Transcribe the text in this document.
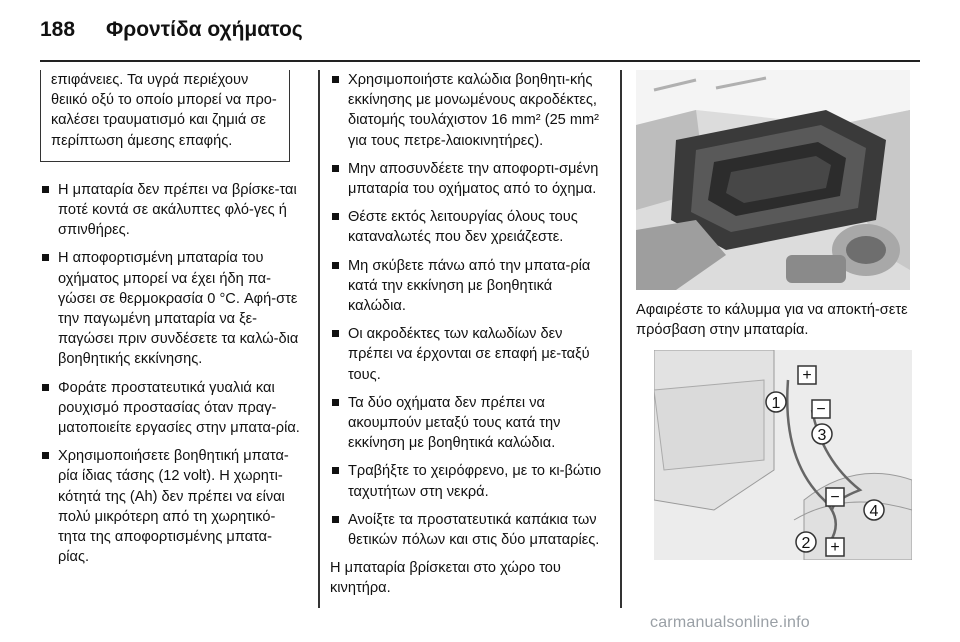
188 Φροντίδα οχήματος

επιφάνειες. Τα υγρά περιέχουν θειικό οξύ το οποίο μπορεί να προ-καλέσει τραυματισμό και ζημιά σε περίπτωση άμεσης επαφής.

Η μπαταρία δεν πρέπει να βρίσκε-ται ποτέ κοντά σε ακάλυπτες φλό-γες ή σπινθήρες.
Η αποφορτισμένη μπαταρία του οχήματος μπορεί να έχει ήδη πα-γώσει σε θερμοκρασία 0 °C. Αφή-στε την παγωμένη μπαταρία να ξε-παγώσει πριν συνδέσετε τα καλώ-δια βοηθητικής εκκίνησης.
Φοράτε προστατευτικά γυαλιά και ρουχισμό προστασίας όταν πραγ-ματοποιείτε εργασίες στην μπατα-ρία.
Χρησιμοποιήσετε βοηθητική μπατα-ρία ίδιας τάσης (12 volt). Η χωρητι-κότητά της (Ah) δεν πρέπει να είναι πολύ μικρότερη από τη χωρητικό-τητα της αποφορτισμένης μπατα-ρίας.
Χρησιμοποιήστε καλώδια βοηθητι-κής εκκίνησης με μονωμένους ακροδέκτες, διατομής τουλάχιστον 16 mm² (25 mm² για τους πετρε-λαιοκινητήρες).
Μην αποσυνδέετε την αποφορτι-σμένη μπαταρία του οχήματος από το όχημα.
Θέστε εκτός λειτουργίας όλους τους καταναλωτές που δεν χρειάζεστε.
Μη σκύβετε πάνω από την μπατα-ρία κατά την εκκίνηση με βοηθητικά καλώδια.
Οι ακροδέκτες των καλωδίων δεν πρέπει να έρχονται σε επαφή με-ταξύ τους.
Τα δύο οχήματα δεν πρέπει να ακουμπούν μεταξύ τους κατά την εκκίνηση με βοηθητικά καλώδια.
Τραβήξτε το χειρόφρενο, με το κι-βώτιο ταχυτήτων στη νεκρά.
Ανοίξτε τα προστατευτικά καπάκια των θετικών πόλων και στις δύο μπαταρίες.

Η μπαταρία βρίσκεται στο χώρο του κινητήρα.

Αφαιρέστε το κάλυμμα για να αποκτή-σετε πρόσβαση στην μπαταρία.

+
−
−
+
1
2
3
4
carmanualsonline.info
